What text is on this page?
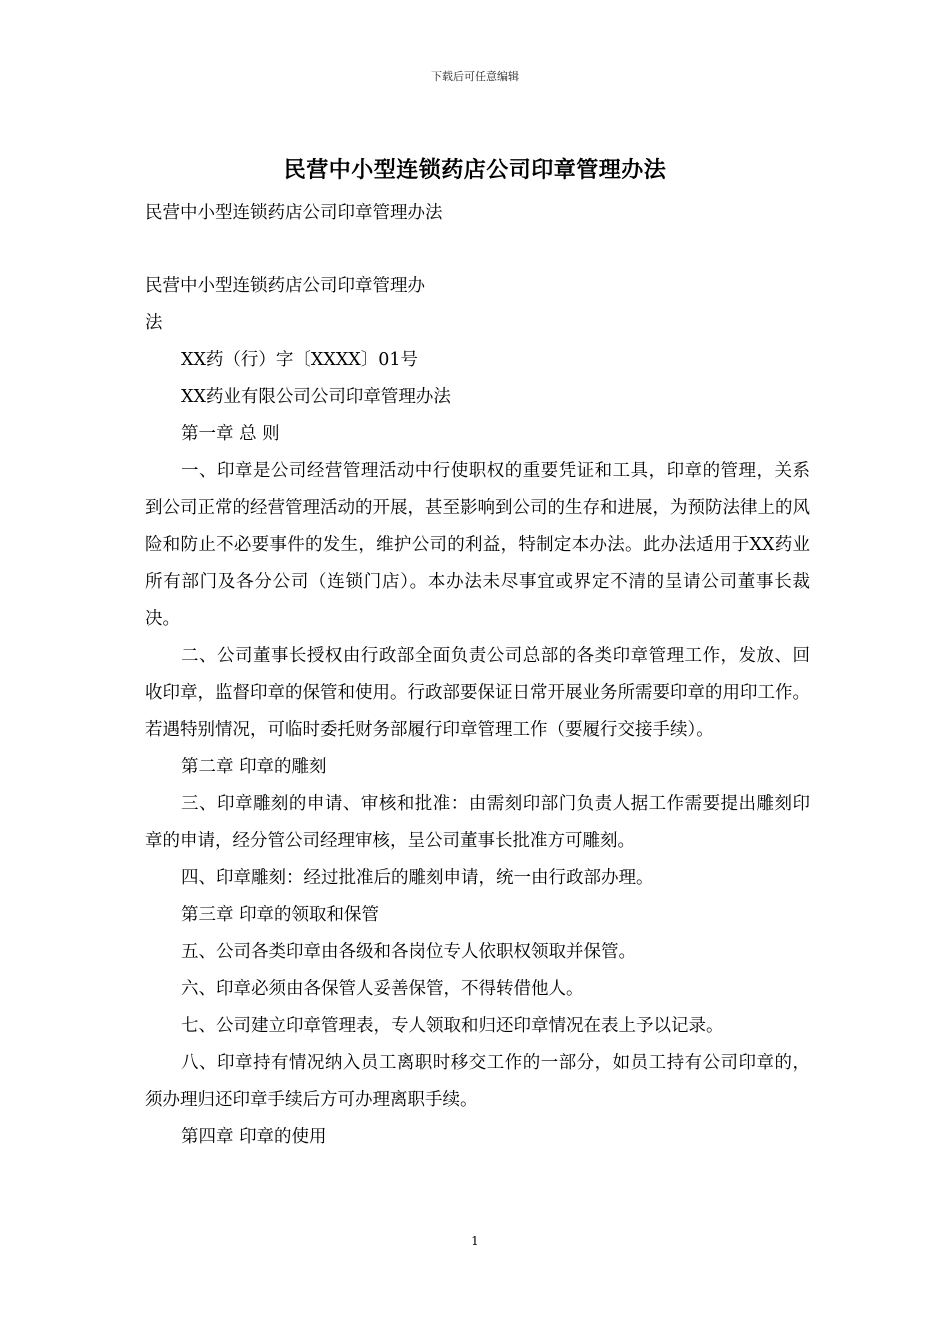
下载后可任意编辑
民营中小型连锁药店公司印章管理办法

民营中小型连锁药店公司印章管理办法

民营中小型连锁药店公司印章管理办

法

XX药（行）字〔XXXX〕01号

XX药业有限公司公司印章管理办法

第一章 总 则

一、印章是公司经营管理活动中行使职权的重要凭证和工具，印章的管理，关系到公司正常的经营管理活动的开展，甚至影响到公司的生存和进展，为预防法律上的风险和防止不必要事件的发生，维护公司的利益，特制定本办法。此办法适用于XX药业所有部门及各分公司（连锁门店）。本办法未尽事宜或界定不清的呈请公司董事长裁决。

二、公司董事长授权由行政部全面负责公司总部的各类印章管理工作，发放、回收印章，监督印章的保管和使用。行政部要保证日常开展业务所需要印章的用印工作。若遇特别情况，可临时委托财务部履行印章管理工作（要履行交接手续）。

第二章 印章的雕刻

三、印章雕刻的申请、审核和批准：由需刻印部门负责人据工作需要提出雕刻印章的申请，经分管公司经理审核，呈公司董事长批准方可雕刻。

四、印章雕刻：经过批准后的雕刻申请，统一由行政部办理。

第三章 印章的领取和保管

五、公司各类印章由各级和各岗位专人依职权领取并保管。

六、印章必须由各保管人妥善保管，不得转借他人。

七、公司建立印章管理表，专人领取和归还印章情况在表上予以记录。

八、印章持有情况纳入员工离职时移交工作的一部分，如员工持有公司印章的，须办理归还印章手续后方可办理离职手续。

第四章 印章的使用

1
